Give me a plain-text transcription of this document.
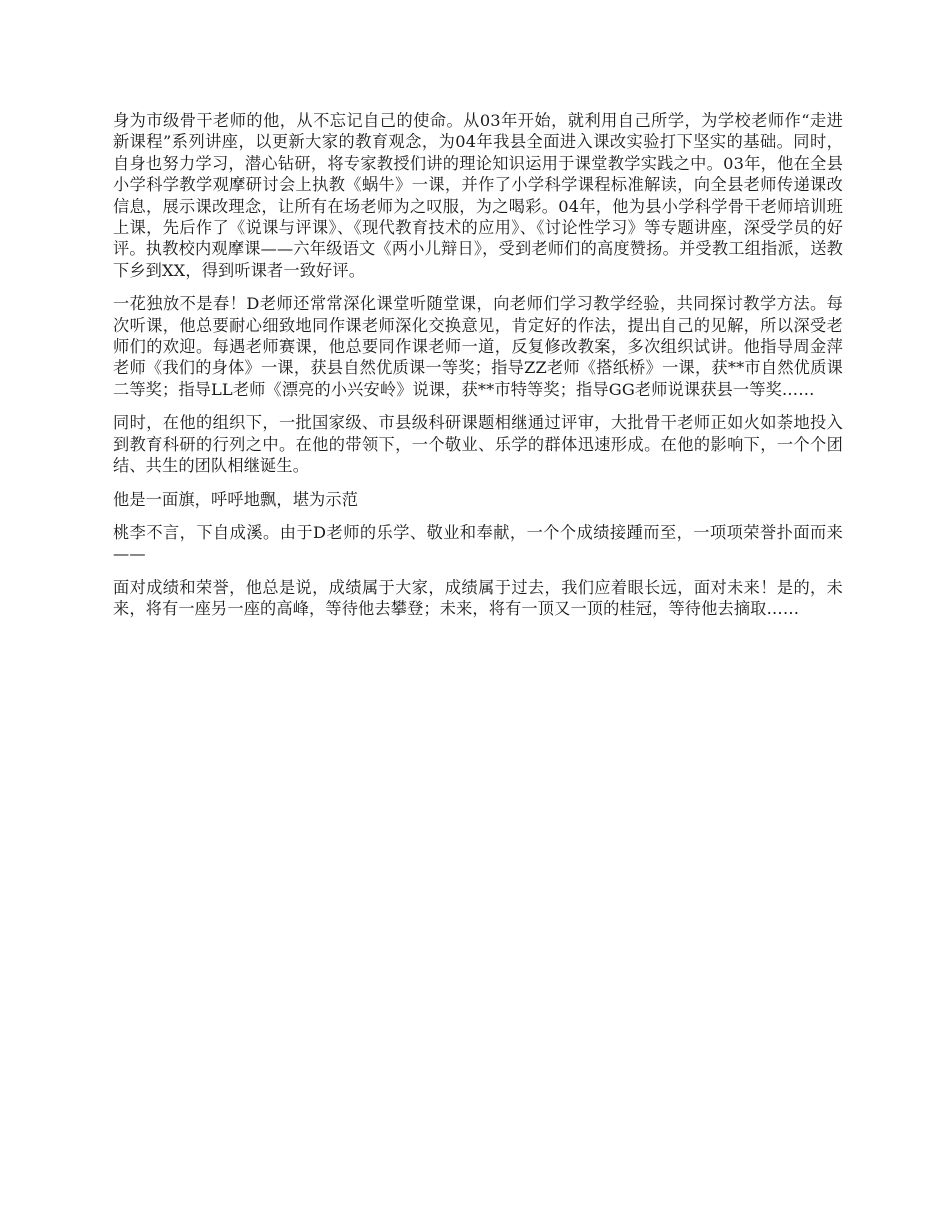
身为市级骨干老师的他，从不忘记自己的使命。从03年开始，就利用自己所学，为学校老师作“走进新课程”系列讲座，以更新大家的教育观念，为04年我县全面进入课改实验打下坚实的基础。同时，自身也努力学习，潜心钻研，将专家教授们讲的理论知识运用于课堂教学实践之中。03年，他在全县小学科学教学观摩研讨会上执教《蜗牛》一课，并作了小学科学课程标准解读，向全县老师传递课改信息，展示课改理念，让所有在场老师为之叹服，为之喝彩。04年，他为县小学科学骨干老师培训班上课，先后作了《说课与评课》、《现代教育技术的应用》、《讨论性学习》等专题讲座，深受学员的好评。执教校内观摩课——六年级语文《两小儿辩日》，受到老师们的高度赞扬。并受教工组指派，送教下乡到XX，得到听课者一致好评。

一花独放不是春！D老师还常常深化课堂听随堂课，向老师们学习教学经验，共同探讨教学方法。每次听课，他总要耐心细致地同作课老师深化交换意见，肯定好的作法，提出自己的见解，所以深受老师们的欢迎。每遇老师赛课，他总要同作课老师一道，反复修改教案，多次组织试讲。他指导周金萍老师《我们的身体》一课，获县自然优质课一等奖；指导ZZ老师《搭纸桥》一课，获**市自然优质课二等奖；指导LL老师《漂亮的小兴安岭》说课，获**市特等奖；指导GG老师说课获县一等奖……

同时，在他的组织下，一批国家级、市县级科研课题相继通过评审，大批骨干老师正如火如荼地投入到教育科研的行列之中。在他的带领下，一个敬业、乐学的群体迅速形成。在他的影响下，一个个团结、共生的团队相继诞生。

他是一面旗，呼呼地飘，堪为示范

桃李不言，下自成溪。由于D老师的乐学、敬业和奉献，一个个成绩接踵而至，一项项荣誉扑面而来——

面对成绩和荣誉，他总是说，成绩属于大家，成绩属于过去，我们应着眼长远，面对未来！是的，未来，将有一座另一座的高峰，等待他去攀登；未来，将有一顶又一顶的桂冠，等待他去摘取……
